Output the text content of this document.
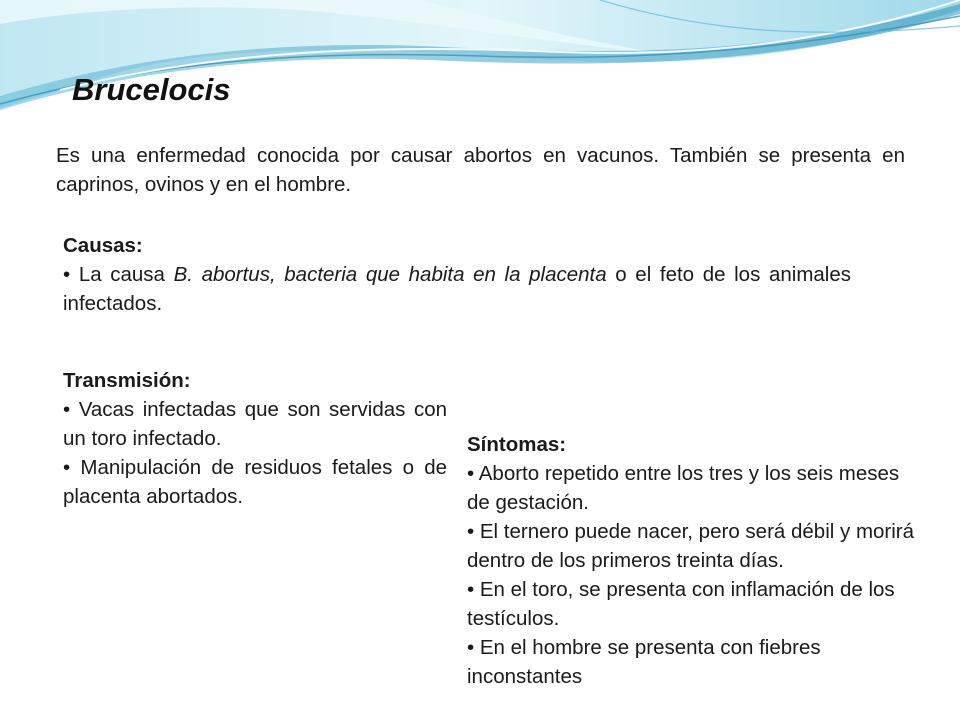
Brucelocis

Es una enfermedad conocida por causar abortos en vacunos. También se presenta en caprinos, ovinos y en el hombre.

Causas:
• La causa B. abortus, bacteria que habita en la placenta o el feto de los animales infectados.
Transmisión:
• Vacas infectadas que son servidas con un toro infectado.
• Manipulación de residuos fetales o de placenta abortados.
Síntomas:
• Aborto repetido entre los tres y los seis meses de gestación.
• El ternero puede nacer, pero será débil y morirá dentro de los primeros treinta días.
• En el toro, se presenta con inflamación de los testículos.
• En el hombre se presenta con fiebres inconstantes
